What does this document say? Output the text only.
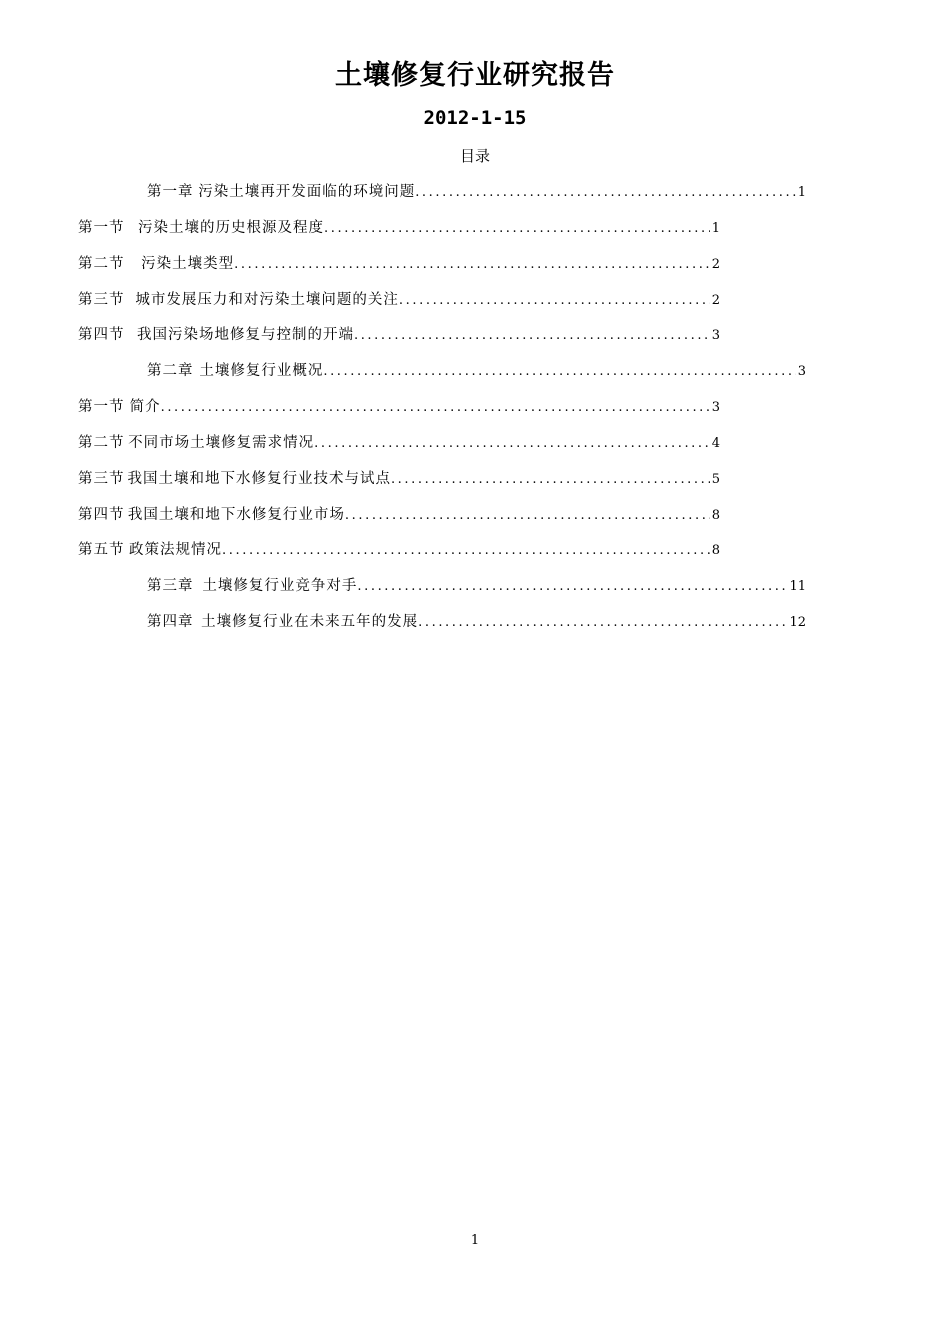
土壤修复行业研究报告
2012-1-15
目录
第一章 污染土壤再开发面临的环境问题 .....	1
第一节 污染土壤的历史根源及程度 .....	1
第二节 污染土壤类型 .....	2
第三节 城市发展压力和对污染土壤问题的关注 .....	2
第四节 我国污染场地修复与控制的开端 .....	3
第二章 土壤修复行业概况 .....	3
第一节 简介 .....	3
第二节 不同市场土壤修复需求情况 .....	4
第三节 我国土壤和地下水修复行业技术与试点 .....	5
第四节 我国土壤和地下水修复行业市场 .....	8
第五节 政策法规情况 .....	8
第三章 土壤修复行业竞争对手 .....	11
第四章 土壤修复行业在未来五年的发展 .....	12
1
